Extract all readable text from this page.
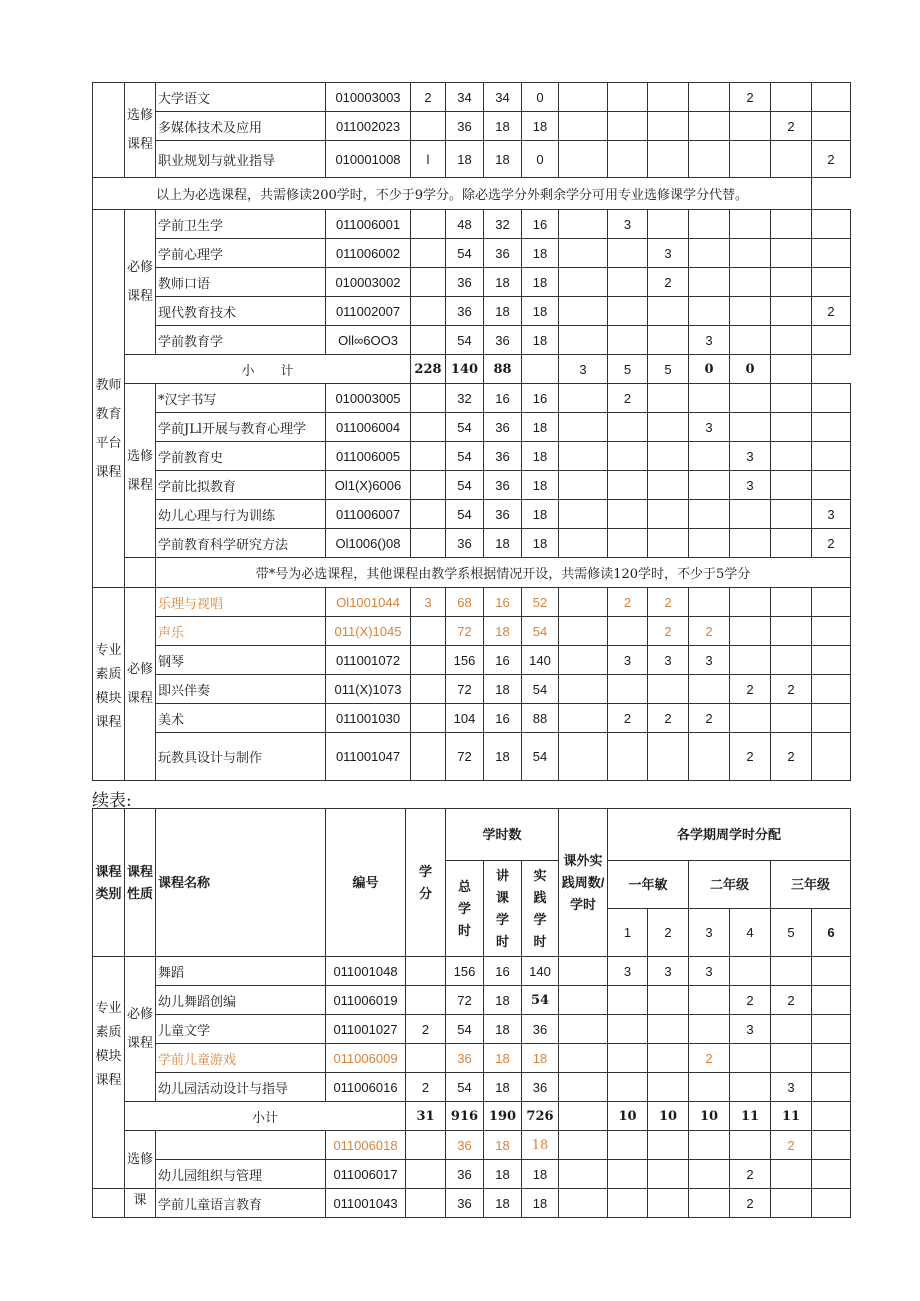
	选修课程	大学语文	010003003	2	34	34	0					2		
		多媒体技术及应用	011002023		36	18	18						2	
		职业规划与就业指导	010001008	l	18	18	0							2
以上为必选课程，共需修读200学时，不少于9学分。除必选学分外剩余学分可用专业选修课学分代替。														
教师教育平台课程	必修课程	学前卫生学	011006001		48	32	16		3					
		学前心理学	011006002		54	36	18			3				
		教师口语	010003002		36	18	18			2				
		现代教育技术	011002007		36	18	18							2
		学前教育学	Oll∞6OO3		54	36	18				3			
	小　　计			228	140	88		3	5	5	0	0		
	选修课程	*汉字书写	010003005		32	16	16		2					
		学前JLl开展与教育心理学	011006004		54	36	18				3			
		学前教育史	011006005		54	36	18					3		
		学前比拟教育	Ol1(X)6006		54	36	18					3		
		幼儿心理与行为训练	011006007		54	36	18							3
		学前教育科学研究方法	Ol1006()08		36	18	18							2
		带*号为必选课程，其他课程由教学系根据情况开设，共需修读120学时，不少于5学分												
专业素质模块课程	必修课程	乐理与视唱	Ol1001044	3	68	16	52		2	2				
		声乐	011(X)1045		72	18	54			2	2			
		钢琴	011001072		156	16	140		3	3	3			
		即兴伴奏	011(X)1073		72	18	54					2	2	
		美术	011001030		104	16	88		2	2	2			
		玩教具设计与制作	011001047		72	18	54					2	2	
续表:
课程类别	课程性质	课程名称	编号	学分	学时数			课外实践周数/学时	各学期周学时分配					
					总学时	讲课学时	实践学时		一年敏		二年级		三年级	
									1	2	3	4	5	6
专业素质模块课程	必修课程	舞蹈	011001048		156	16	140		3	3	3			
		幼儿舞蹈创编	011006019		72	18	54					2	2	
		儿童文学	011001027	2	54	18	36					3		
		学前儿童游戏	011006009		36	18	18				2			
		幼儿园活动设计与指导	011006016	2	54	18	36						3	
	小计			31	916	190	726		10	10	10	11	11	
	选修		011006018		36	18	18						2	
		幼儿园组织与管理	011006017		36	18	18					2		
	课	学前儿童语言教育	011001043		36	18	18					2		
